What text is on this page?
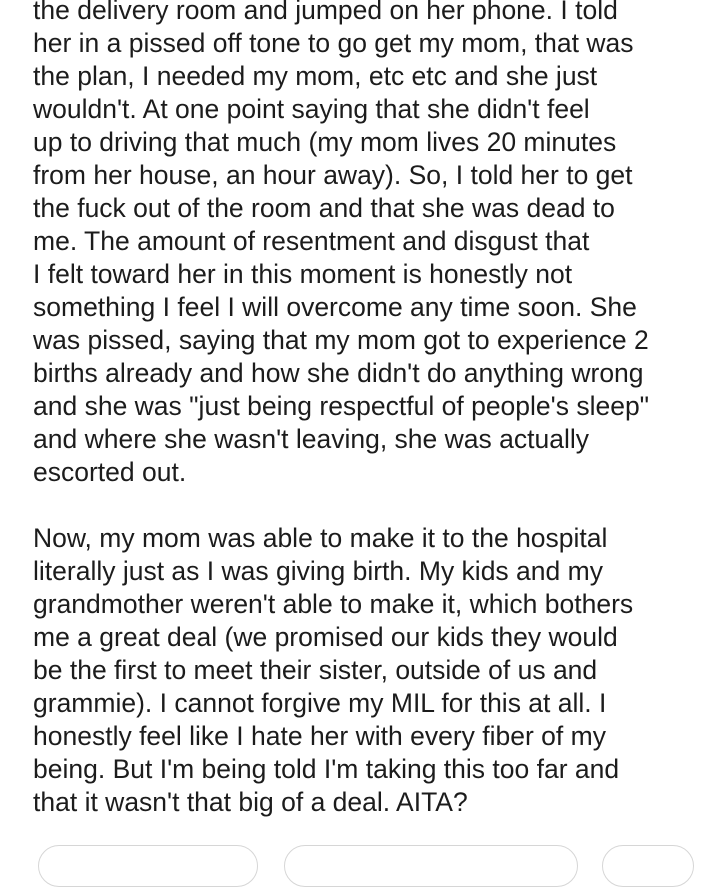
the delivery room and jumped on her phone. I told
her in a pissed off tone to go get my mom, that was
the plan, I needed my mom, etc etc and she just
wouldn't. At one point saying that she didn't feel
up to driving that much (my mom lives 20 minutes
from her house, an hour away). So, I told her to get
the fuck out of the room and that she was dead to
me. The amount of resentment and disgust that
I felt toward her in this moment is honestly not
something I feel I will overcome any time soon. She
was pissed, saying that my mom got to experience 2
births already and how she didn't do anything wrong
and she was "just being respectful of people's sleep"
and where she wasn't leaving, she was actually
escorted out.

Now, my mom was able to make it to the hospital
literally just as I was giving birth. My kids and my
grandmother weren't able to make it, which bothers
me a great deal (we promised our kids they would
be the first to meet their sister, outside of us and
grammie). I cannot forgive my MIL for this at all. I
honestly feel like I hate her with every fiber of my
being. But I'm being told I'm taking this too far and
that it wasn't that big of a deal. AITA?
